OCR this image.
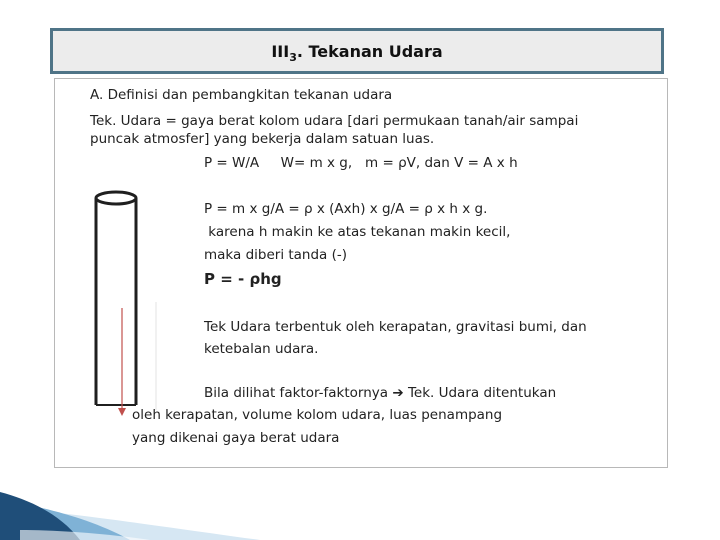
$III_3$. Tekanan Udara
A. Definisi dan pembangkitan tekanan udara
Tek. Udara = gaya berat kolom udara [dari permukaan tanah/air sampai
puncak atmosfer] yang bekerja dalam satuan luas.
P = W/A     W= m x g,   m = ρV, dan V = A x h
P = m x g/A = ρ x (Axh) x g/A = ρ x h x g.
karena h makin ke atas tekanan makin kecil,
maka diberi tanda (-)
P = - ρhg
Tek Udara terbentuk oleh kerapatan, gravitasi bumi, dan
ketebalan udara.
Bila dilihat faktor-faktornya ➔ Tek. Udara ditentukan
oleh kerapatan, volume kolom udara, luas penampang
yang dikenai gaya berat udara
